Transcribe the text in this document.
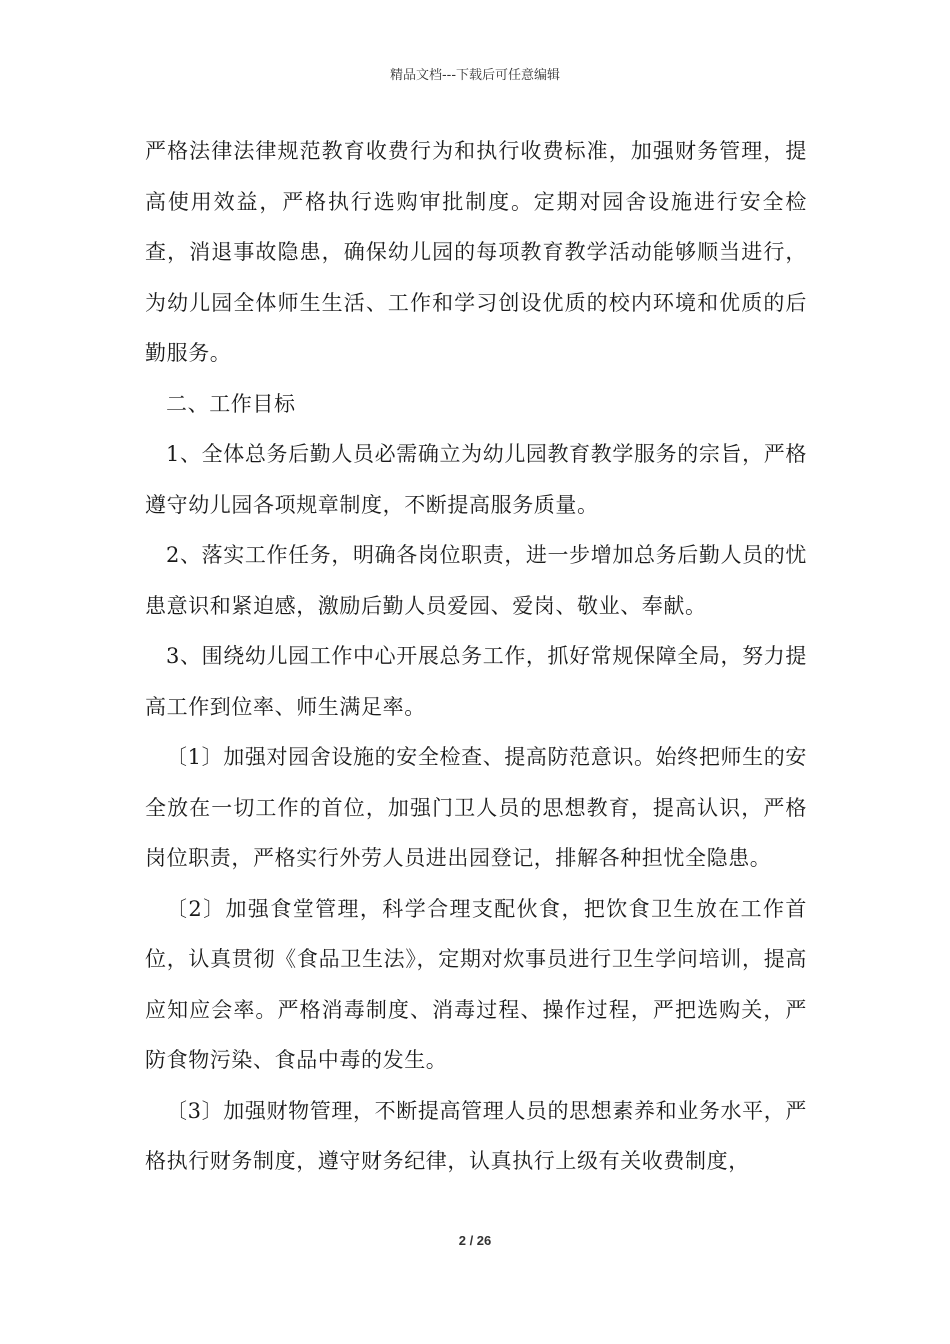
精品文档---下载后可任意编辑

严格法律法律规范教育收费行为和执行收费标准，加强财务管理，提高使用效益，严格执行选购审批制度。定期对园舍设施进行安全检查，消退事故隐患，确保幼儿园的每项教育教学活动能够顺当进行，为幼儿园全体师生生活、工作和学习创设优质的校内环境和优质的后勤服务。

二、工作目标

1、全体总务后勤人员必需确立为幼儿园教育教学服务的宗旨，严格遵守幼儿园各项规章制度，不断提高服务质量。

2、落实工作任务，明确各岗位职责，进一步增加总务后勤人员的忧患意识和紧迫感，激励后勤人员爱园、爱岗、敬业、奉献。

3、围绕幼儿园工作中心开展总务工作，抓好常规保障全局，努力提高工作到位率、师生满足率。

〔1〕加强对园舍设施的安全检查、提高防范意识。始终把师生的安全放在一切工作的首位，加强门卫人员的思想教育，提高认识，严格岗位职责，严格实行外劳人员进出园登记，排解各种担忧全隐患。

〔2〕加强食堂管理，科学合理支配伙食，把饮食卫生放在工作首位，认真贯彻《食品卫生法》，定期对炊事员进行卫生学问培训，提高应知应会率。严格消毒制度、消毒过程、操作过程，严把选购关，严防食物污染、食品中毒的发生。

〔3〕加强财物管理，不断提高管理人员的思想素养和业务水平，严格执行财务制度，遵守财务纪律，认真执行上级有关收费制度，

2 / 26
